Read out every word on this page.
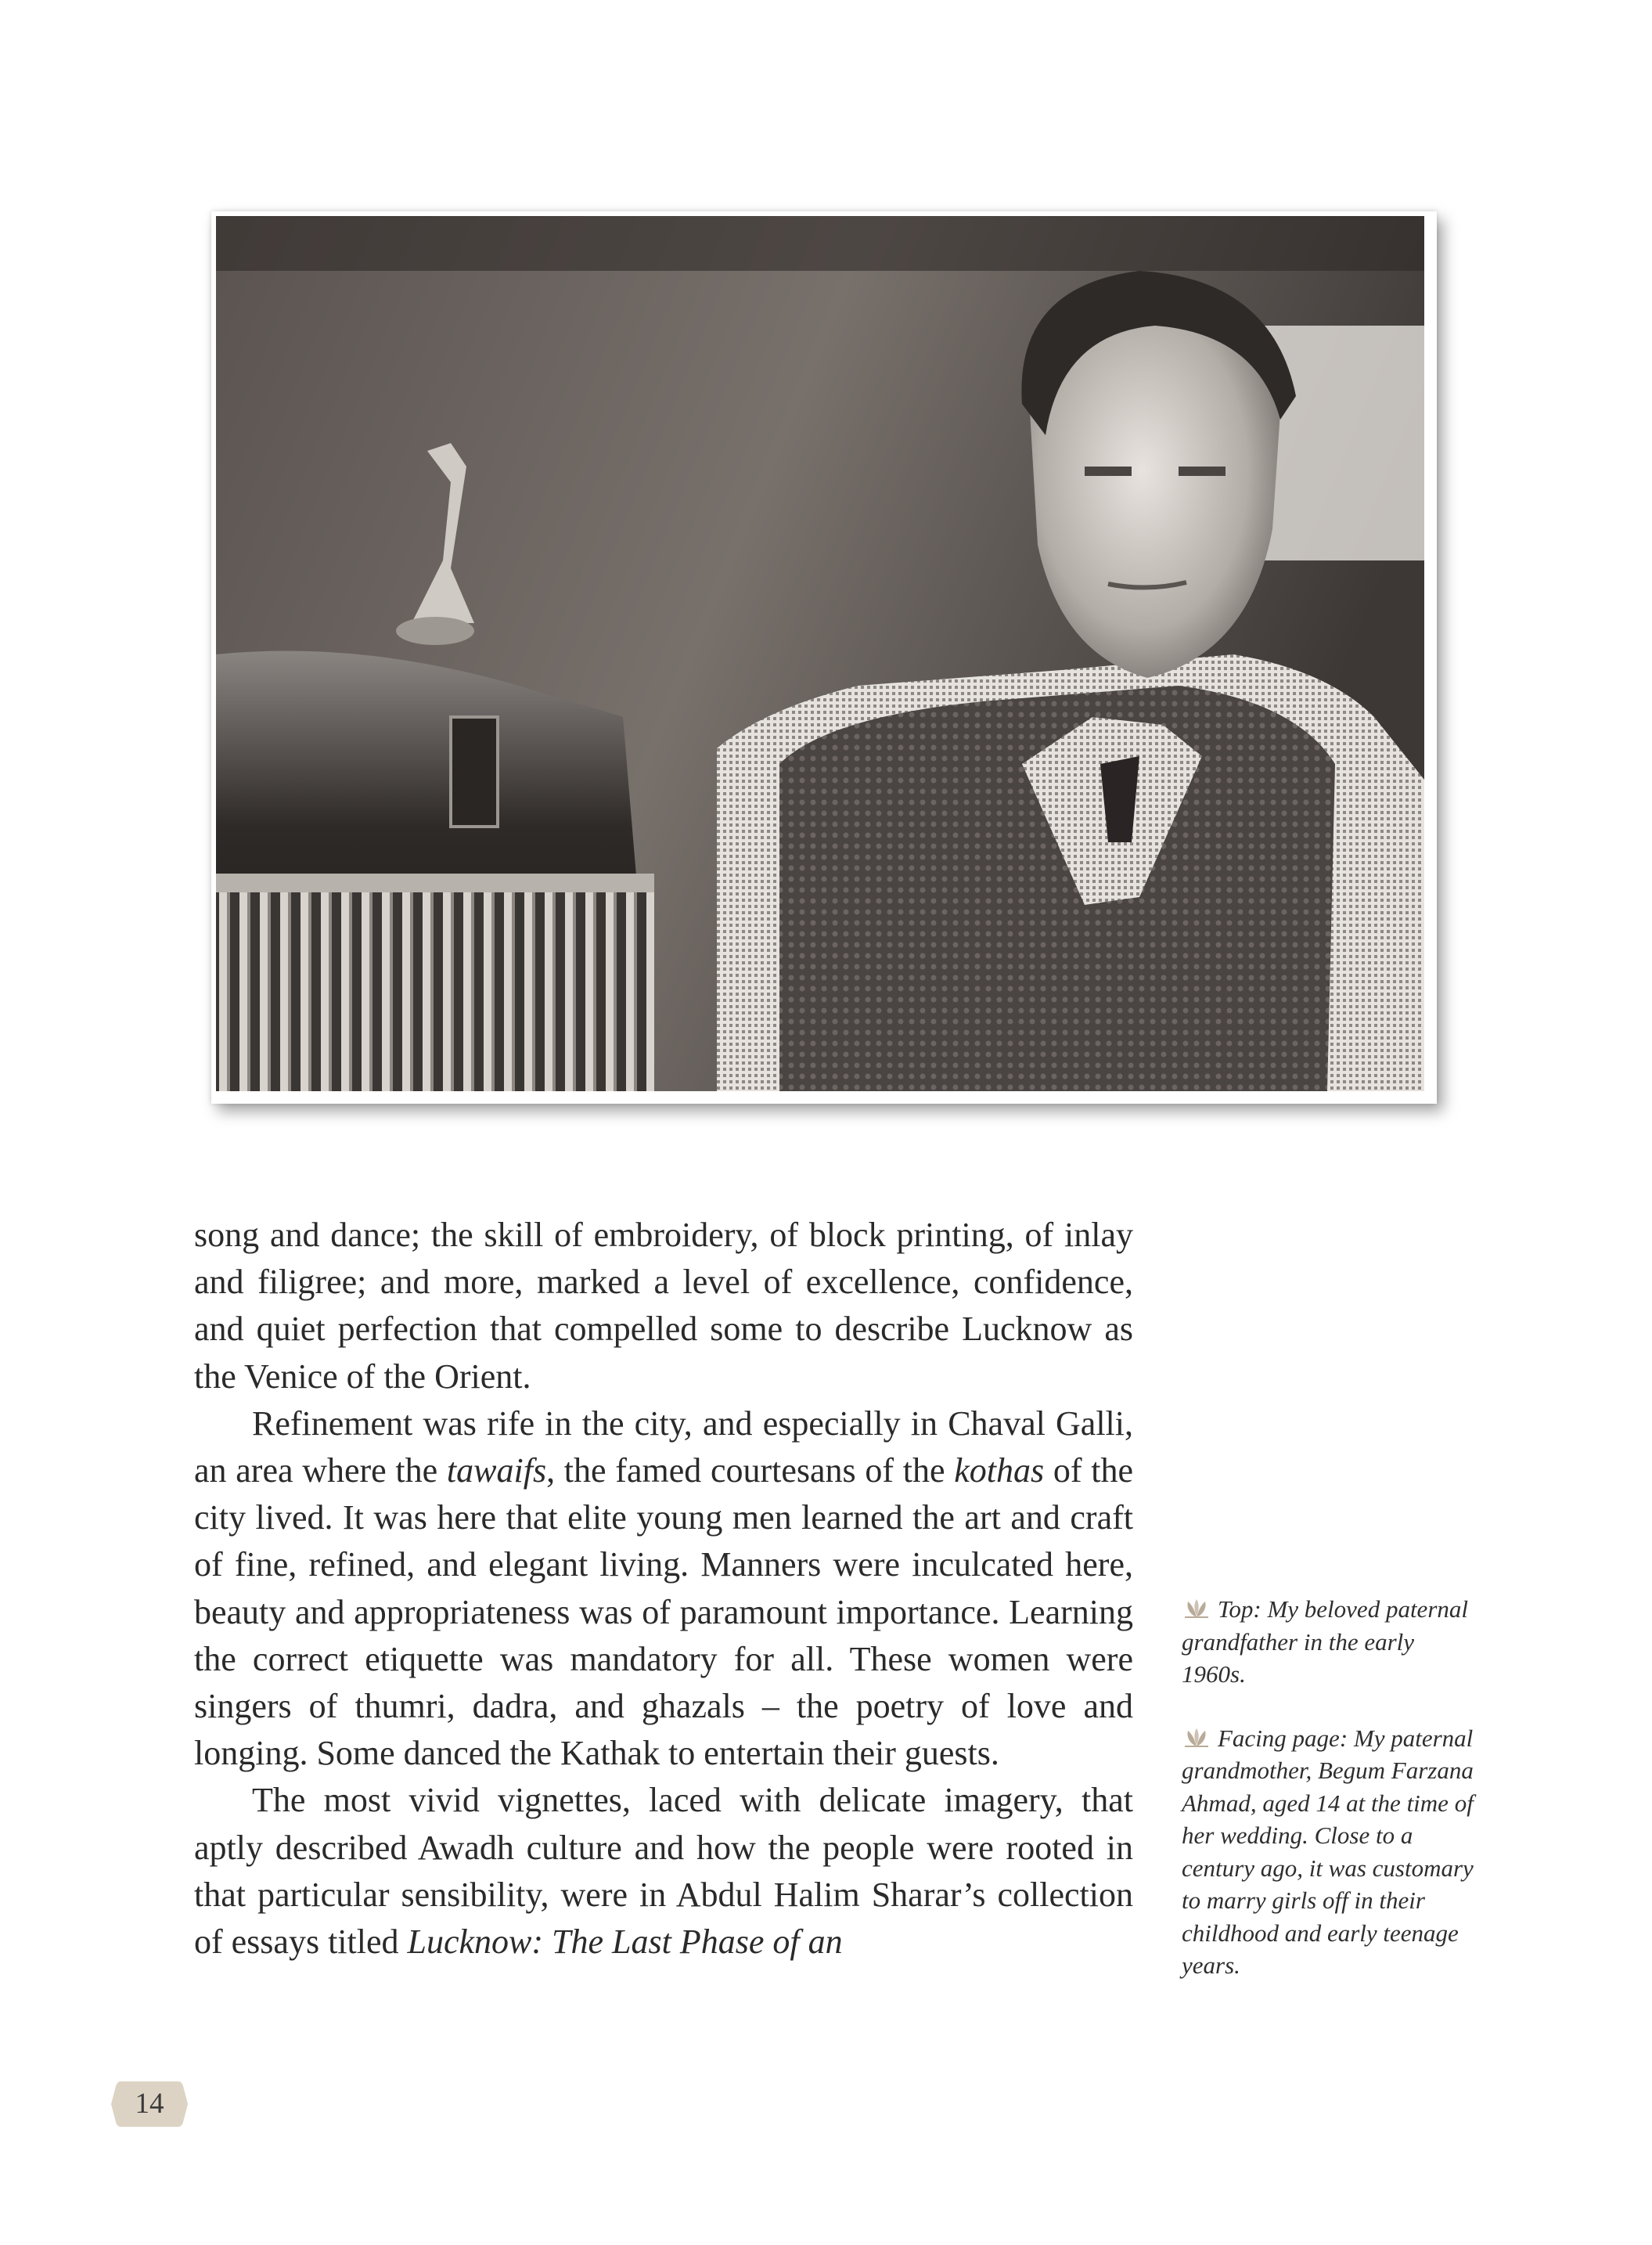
song and dance; the skill of embroidery, of block printing, of inlay and filigree; and more, marked a level of excellence, confidence, and quiet perfection that compelled some to describe Lucknow as the Venice of the Orient.

Refinement was rife in the city, and especially in Chaval Galli, an area where the tawaifs, the famed courtesans of the kothas of the city lived. It was here that elite young men learned the art and craft of fine, refined, and elegant living. Manners were inculcated here, beauty and appropriateness was of paramount importance. Learning the correct etiquette was mandatory for all. These women were singers of thumri, dadra, and ghazals – the poetry of love and longing. Some danced the Kathak to entertain their guests.

The most vivid vignettes, laced with delicate imagery, that aptly described Awadh culture and how the people were rooted in that particular sensibility, were in Abdul Halim Sharar’s collection of essays titled Lucknow: The Last Phase of an

Top: My beloved paternal grandfather in the early 1960s.

Facing page: My paternal grandmother, Begum Farzana Ahmad, aged 14 at the time of her wedding. Close to a century ago, it was customary to marry girls off in their childhood and early teenage years.

14
